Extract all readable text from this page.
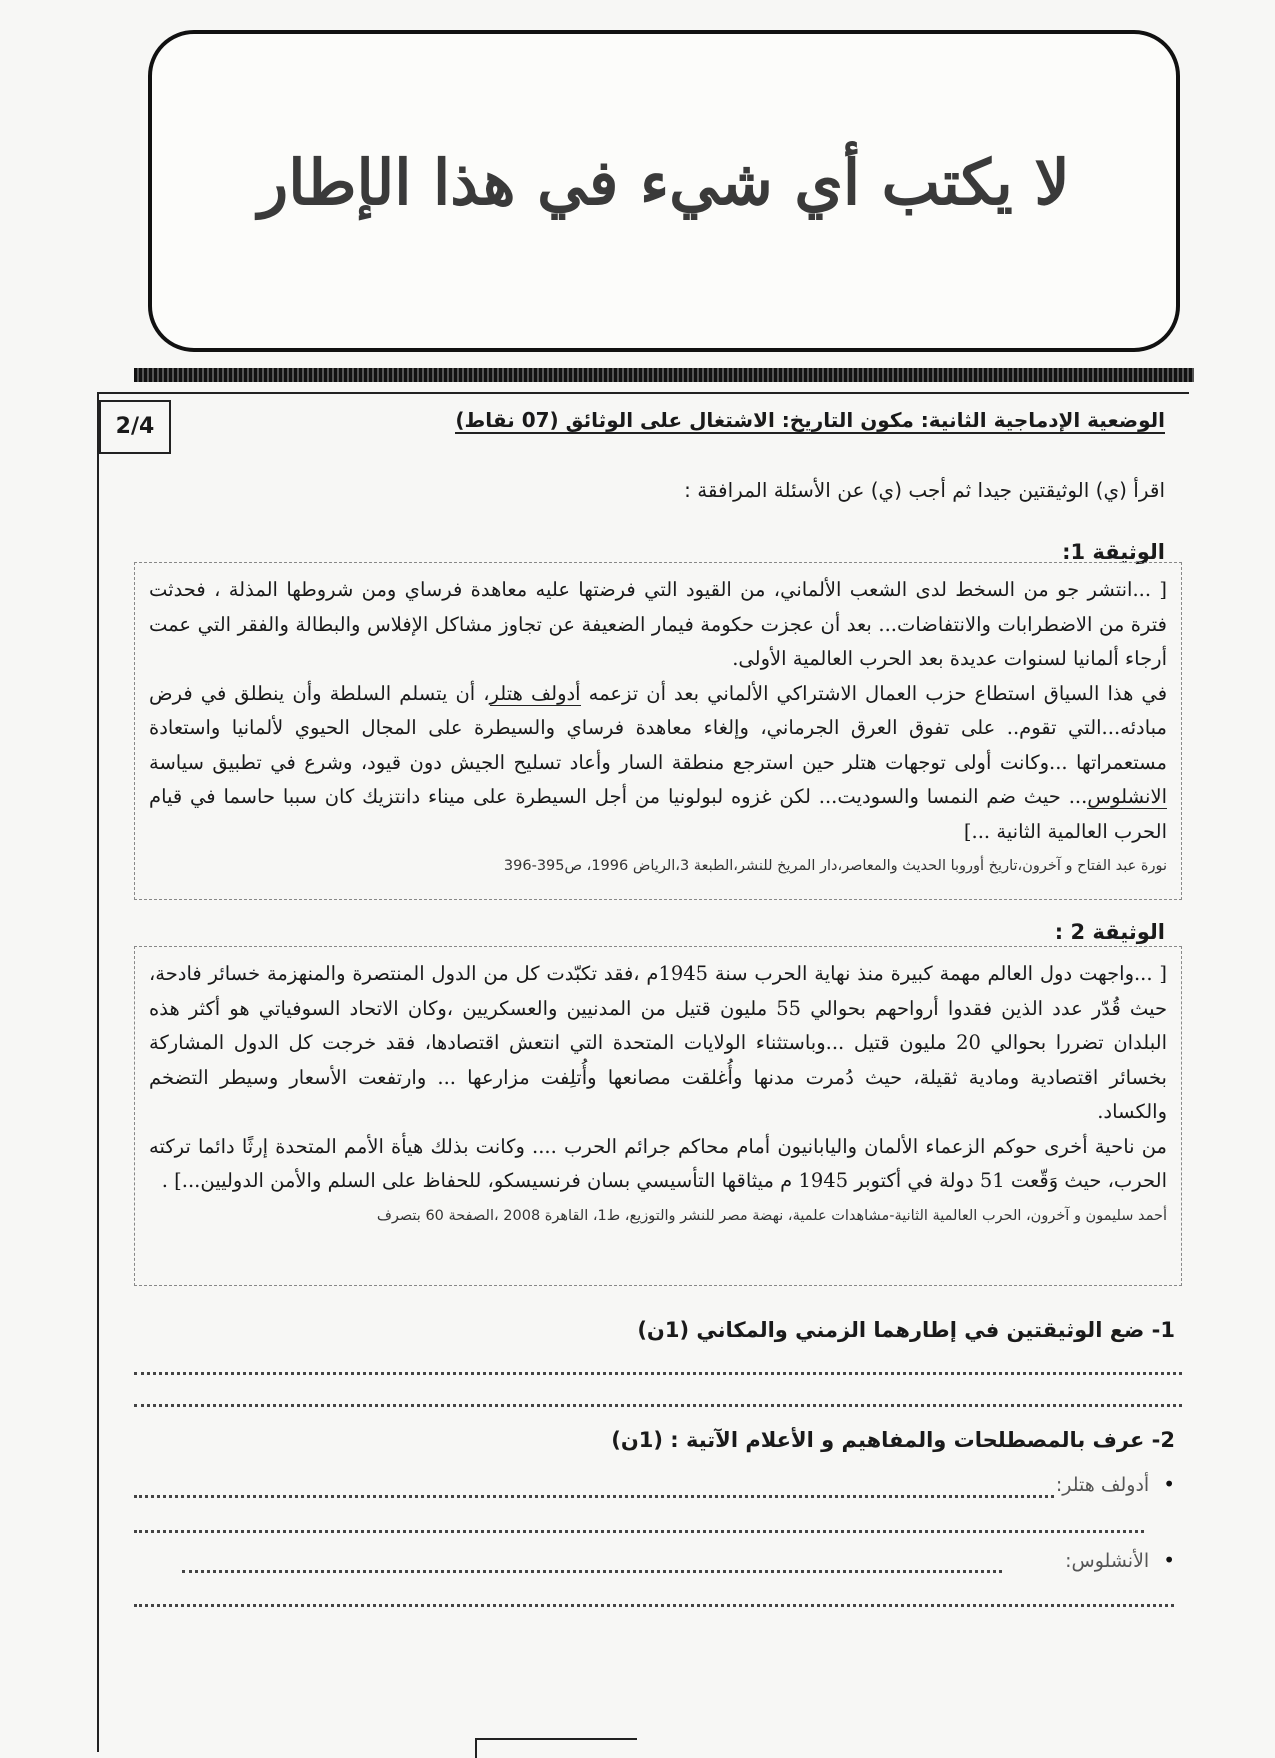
لا يكتب أي شيء في هذا الإطار
2/4	الوضعية الإدماجية الثانية: مكون التاريخ: الاشتغال على الوثائق (07 نقاط)
اقرأ (ي) الوثيقتين جيدا ثم أجب (ي) عن الأسئلة المرافقة :
الوثيقة 1:

[ ...انتشر جو من السخط لدى الشعب الألماني، من القيود التي فرضتها عليه معاهدة فرساي ومن شروطها المذلة ، فحدثت فترة من الاضطرابات والانتفاضات... بعد أن عجزت حكومة فيمار الضعيفة عن تجاوز مشاكل الإفلاس والبطالة والفقر التي عمت أرجاء ألمانيا لسنوات عديدة بعد الحرب العالمية الأولى.

في هذا السياق استطاع حزب العمال الاشتراكي الألماني بعد أن تزعمه أدولف هتلر، أن يتسلم السلطة وأن ينطلق في فرض مبادئه...التي تقوم.. على تفوق العرق الجرماني، وإلغاء معاهدة فرساي والسيطرة على المجال الحيوي لألمانيا واستعادة مستعمراتها ...وكانت أولى توجهات هتلر حين استرجع منطقة السار وأعاد تسليح الجيش دون قيود، وشرع في تطبيق سياسة الانشلوس... حيث ضم النمسا والسوديت... لكن غزوه لبولونيا من أجل السيطرة على ميناء دانتزيك كان سببا حاسما في قيام الحرب العالمية الثانية ...]

نورة عبد الفتاح و آخرون،تاريخ أوروبا الحديث والمعاصر،دار المريخ للنشر،الطبعة 3،الرياض 1996، ص395-396
الوثيقة 2 :

[ ...واجهت دول العالم مهمة كبيرة منذ نهاية الحرب سنة 1945م ،فقد تكبّدت كل من الدول المنتصرة والمنهزمة خسائر فادحة، حيث قُدّر عدد الذين فقدوا أرواحهم بحوالي 55 مليون قتيل من المدنيين والعسكريين ،وكان الاتحاد السوفياتي هو أكثر هذه البلدان تضررا بحوالي 20 مليون قتيل ...وباستثناء الولايات المتحدة التي انتعش اقتصادها، فقد خرجت كل الدول المشاركة بخسائر اقتصادية ومادية ثقيلة، حيث دُمرت مدنها وأُغلقت مصانعها وأُتلِفت مزارعها ... وارتفعت الأسعار وسيطر التضخم والكساد.

من ناحية أخرى حوكم الزعماء الألمان واليابانيون أمام محاكم جرائم الحرب .... وكانت بذلك هيأة الأمم المتحدة إرثًا دائما تركته الحرب، حيث وَقّعت 51 دولة في أكتوبر 1945 م ميثاقها التأسيسي بسان فرنسيسكو، للحفاظ على السلم والأمن الدوليين...] .

أحمد سليمون و آخرون، الحرب العالمية الثانية-مشاهدات علمية، نهضة مصر للنشر والتوزيع، ط1، القاهرة 2008 ،الصفحة 60 بتصرف
1- ضع الوثيقتين في إطارهما الزمني والمكاني (1ن)
2- عرف بالمصطلحات والمفاهيم و الأعلام الآتية : (1ن)
•أدولف هتلر:
•الأنشلوس:
